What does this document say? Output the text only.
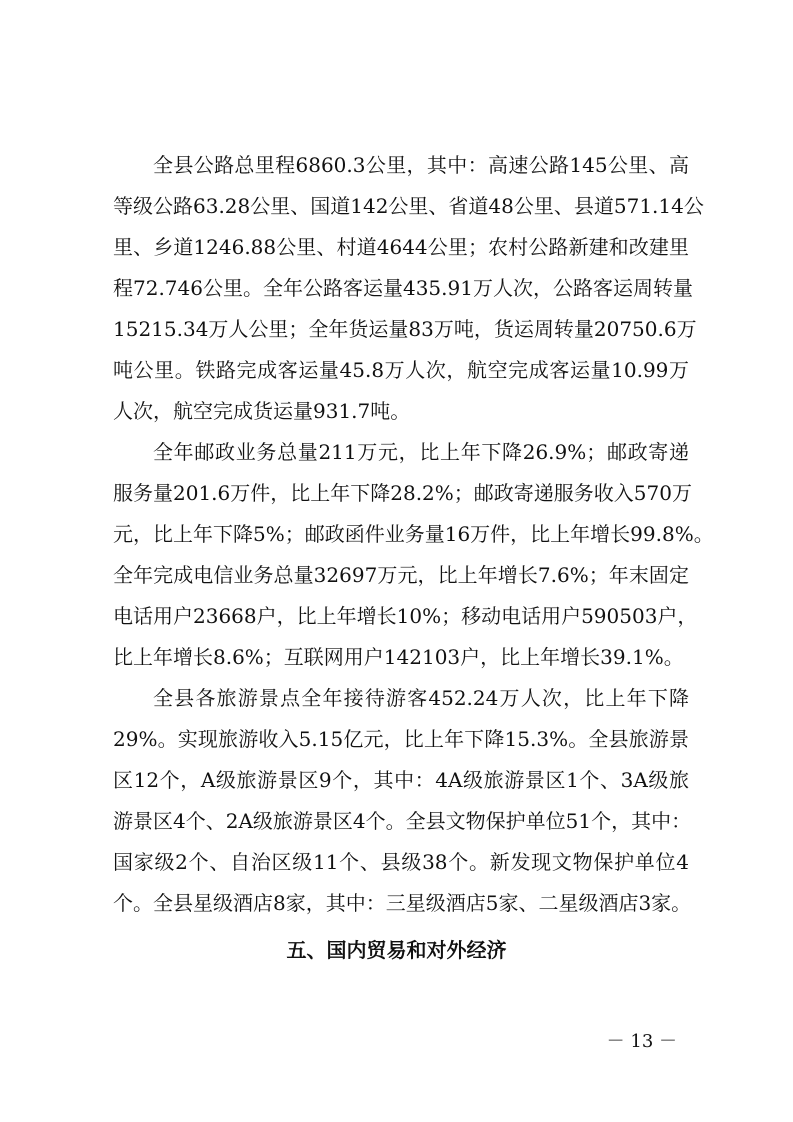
全县公路总里程6860.3公里，其中：高速公路145公里、高
等级公路63.28公里、国道142公里、省道48公里、县道571.14公
里、乡道1246.88公里、村道4644公里；农村公路新建和改建里
程72.746公里。全年公路客运量435.91万人次，公路客运周转量
15215.34万人公里；全年货运量83万吨，货运周转量20750.6万
吨公里。铁路完成客运量45.8万人次，航空完成客运量10.99万
人次，航空完成货运量931.7吨。
全年邮政业务总量211万元，比上年下降26.9%；邮政寄递
服务量201.6万件，比上年下降28.2%；邮政寄递服务收入570万
元，比上年下降5%；邮政函件业务量16万件，比上年增长99.8%。
全年完成电信业务总量32697万元，比上年增长7.6%；年末固定
电话用户23668户，比上年增长10%；移动电话用户590503户，
比上年增长8.6%；互联网用户142103户，比上年增长39.1%。
全县各旅游景点全年接待游客452.24万人次，比上年下降
29%。实现旅游收入5.15亿元，比上年下降15.3%。全县旅游景
区12个，A级旅游景区9个，其中：4A级旅游景区1个、3A级旅
游景区4个、2A级旅游景区4个。全县文物保护单位51个，其中：
国家级2个、自治区级11个、县级38个。新发现文物保护单位4
个。全县星级酒店8家，其中：三星级酒店5家、二星级酒店3家。
五、国内贸易和对外经济
－ 13 －
